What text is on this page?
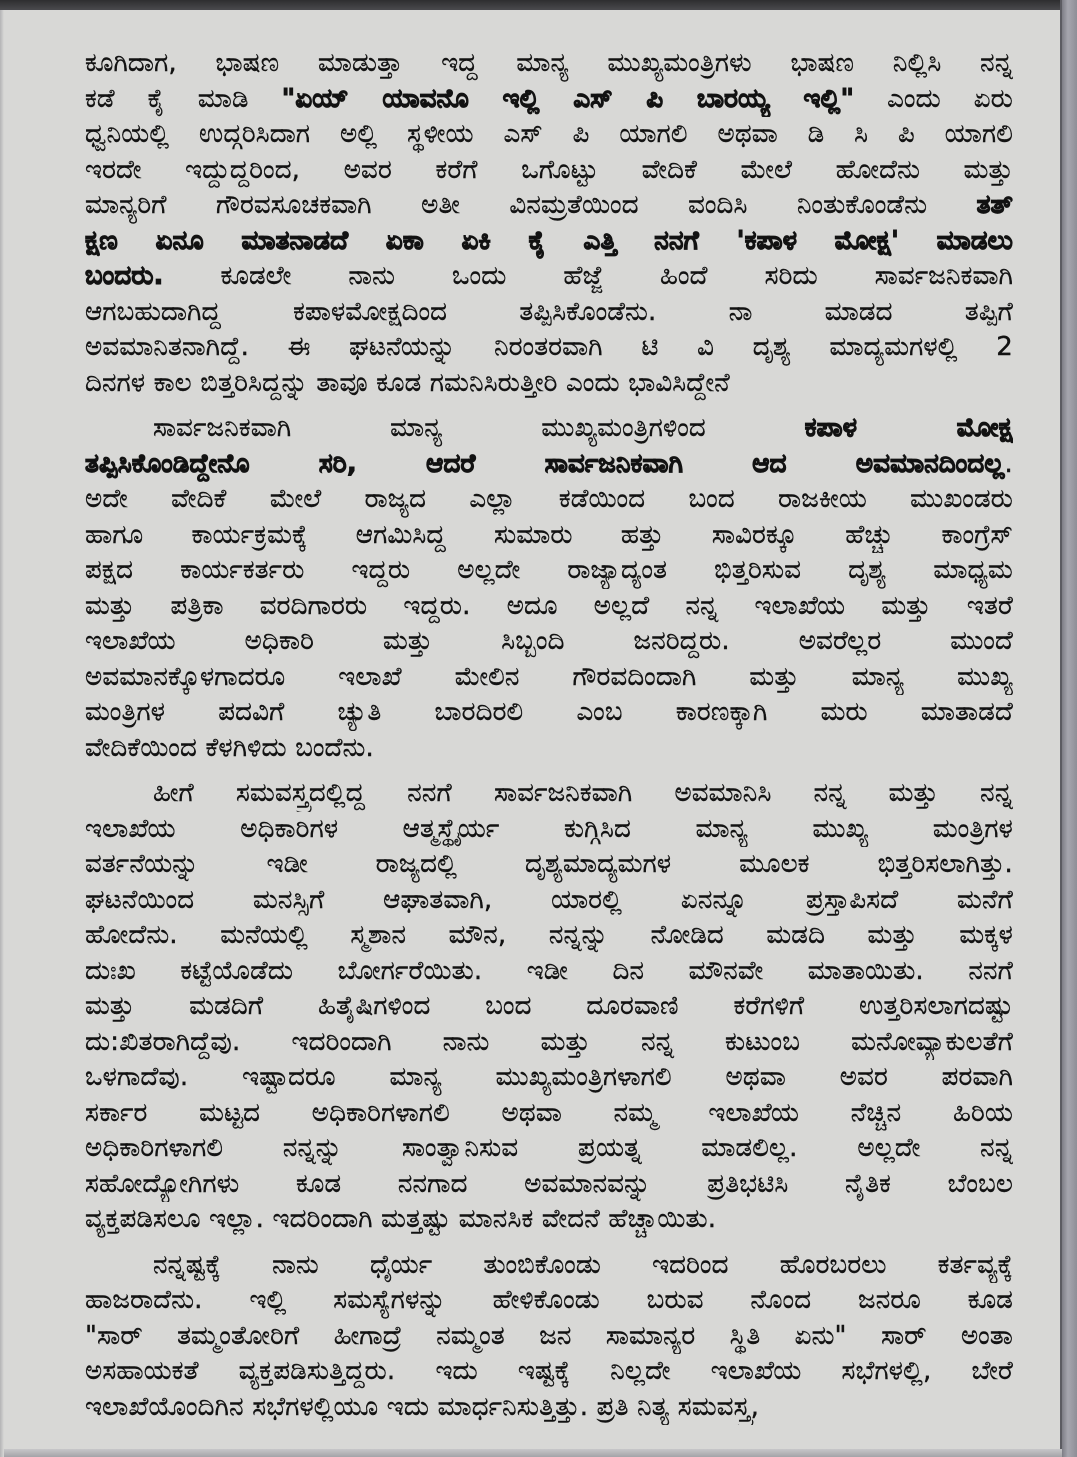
ಕೂಗಿದಾಗ, ಭಾಷಣ ಮಾಡುತ್ತಾ ಇದ್ದ ಮಾನ್ಯ ಮುಖ್ಯಮಂತ್ರಿಗಳು ಭಾಷಣ ನಿಲ್ಲಿಸಿ ನನ್ನ
ಕಡೆ ಕೈ ಮಾಡಿ "ಏಯ್ ಯಾವನೊ ಇಲ್ಲಿ ಎಸ್ ಪಿ ಬಾರಯ್ಯ ಇಲ್ಲಿ" ಎಂದು ಏರು
ಧ್ವನಿಯಲ್ಲಿ ಉದ್ಗರಿಸಿದಾಗ ಅಲ್ಲಿ ಸ್ಥಳೀಯ ಎಸ್ ಪಿ ಯಾಗಲಿ ಅಥವಾ ಡಿ ಸಿ ಪಿ ಯಾಗಲಿ
ಇರದೇ ಇದ್ದುದ್ದರಿಂದ, ಅವರ ಕರೆಗೆ ಒಗೊಟ್ಟು ವೇದಿಕೆ ಮೇಲೆ ಹೋದೆನು ಮತ್ತು
ಮಾನ್ಯರಿಗೆ ಗೌರವಸೂಚಕವಾಗಿ ಅತೀ ವಿನಮ್ರತೆಯಿಂದ ವಂದಿಸಿ ನಿಂತುಕೊಂಡೆನು ತತ್
ಕ್ಷಣ ಏನೂ ಮಾತನಾಡದೆ ಏಕಾ ಏಕಿ ಕೈ ಎತ್ತಿ ನನಗೆ 'ಕಪಾಳ ಮೋಕ್ಷ' ಮಾಡಲು
ಬಂದರು. ಕೂಡಲೇ ನಾನು ಒಂದು ಹೆಜ್ಜೆ ಹಿಂದೆ ಸರಿದು ಸಾರ್ವಜನಿಕವಾಗಿ
ಆಗಬಹುದಾಗಿದ್ದ ಕಪಾಳಮೋಕ್ಷದಿಂದ ತಪ್ಪಿಸಿಕೊಂಡೆನು. ನಾ ಮಾಡದ ತಪ್ಪಿಗೆ
ಅವಮಾನಿತನಾಗಿದ್ದೆ. ಈ ಘಟನೆಯನ್ನು ನಿರಂತರವಾಗಿ ಟಿ ವಿ ದೃಶ್ಯ ಮಾದ್ಯಮಗಳಲ್ಲಿ 2
ದಿನಗಳ ಕಾಲ ಬಿತ್ತರಿಸಿದ್ದನ್ನು ತಾವೂ ಕೂಡ ಗಮನಿಸಿರುತ್ತೀರಿ ಎಂದು ಭಾವಿಸಿದ್ದೇನೆ
ಸಾರ್ವಜನಿಕವಾಗಿ ಮಾನ್ಯ ಮುಖ್ಯಮಂತ್ರಿಗಳಿಂದ ಕಪಾಳ ಮೋಕ್ಷ
ತಪ್ಪಿಸಿಕೊಂಡಿದ್ದೇನೊ ಸರಿ, ಆದರೆ ಸಾರ್ವಜನಿಕವಾಗಿ ಆದ ಅವಮಾನದಿಂದಲ್ಲ.
ಅದೇ ವೇದಿಕೆ ಮೇಲೆ ರಾಜ್ಯದ ಎಲ್ಲಾ ಕಡೆಯಿಂದ ಬಂದ ರಾಜಕೀಯ ಮುಖಂಡರು
ಹಾಗೂ ಕಾರ್ಯಕ್ರಮಕ್ಕೆ ಆಗಮಿಸಿದ್ದ ಸುಮಾರು ಹತ್ತು ಸಾವಿರಕ್ಕೂ ಹೆಚ್ಚು ಕಾಂಗ್ರೆಸ್
ಪಕ್ಷದ ಕಾರ್ಯಕರ್ತರು ಇದ್ದರು ಅಲ್ಲದೇ ರಾಜ್ಯಾದ್ಯಂತ ಭಿತ್ತರಿಸುವ ದೃಶ್ಯ ಮಾಧ್ಯಮ
ಮತ್ತು ಪತ್ರಿಕಾ ವರದಿಗಾರರು ಇದ್ದರು. ಅದೂ ಅಲ್ಲದೆ ನನ್ನ ಇಲಾಖೆಯ ಮತ್ತು ಇತರೆ
ಇಲಾಖೆಯ ಅಧಿಕಾರಿ ಮತ್ತು ಸಿಬ್ಬಂದಿ ಜನರಿದ್ದರು. ಅವರೆಲ್ಲರ ಮುಂದೆ
ಅವಮಾನಕ್ಕೊಳಗಾದರೂ ಇಲಾಖೆ ಮೇಲಿನ ಗೌರವದಿಂದಾಗಿ ಮತ್ತು ಮಾನ್ಯ ಮುಖ್ಯ
ಮಂತ್ರಿಗಳ ಪದವಿಗೆ ಚ್ಯುತಿ ಬಾರದಿರಲಿ ಎಂಬ ಕಾರಣಕ್ಕಾಗಿ ಮರು ಮಾತಾಡದೆ
ವೇದಿಕೆಯಿಂದ ಕೆಳಗಿಳಿದು ಬಂದೆನು.
ಹೀಗೆ ಸಮವಸ್ತ್ರದಲ್ಲಿದ್ದ ನನಗೆ ಸಾರ್ವಜನಿಕವಾಗಿ ಅವಮಾನಿಸಿ ನನ್ನ ಮತ್ತು ನನ್ನ
ಇಲಾಖೆಯ ಅಧಿಕಾರಿಗಳ ಆತ್ಮಸ್ಥೈರ್ಯ ಕುಗ್ಗಿಸಿದ ಮಾನ್ಯ ಮುಖ್ಯ ಮಂತ್ರಿಗಳ
ವರ್ತನೆಯನ್ನು ಇಡೀ ರಾಜ್ಯದಲ್ಲಿ ದೃಶ್ಯಮಾದ್ಯಮಗಳ ಮೂಲಕ ಭಿತ್ತರಿಸಲಾಗಿತ್ತು.
ಘಟನೆಯಿಂದ ಮನಸ್ಸಿಗೆ ಆಘಾತವಾಗಿ, ಯಾರಲ್ಲಿ ಏನನ್ನೂ ಪ್ರಸ್ತಾಪಿಸದೆ ಮನೆಗೆ
ಹೋದೆನು. ಮನೆಯಲ್ಲಿ ಸ್ಮಶಾನ ಮೌನ, ನನ್ನನ್ನು ನೋಡಿದ ಮಡದಿ ಮತ್ತು ಮಕ್ಕಳ
ದುಃಖ ಕಟ್ಟೆಯೊಡೆದು ಬೋರ್ಗರೆಯಿತು. ಇಡೀ ದಿನ ಮೌನವೇ ಮಾತಾಯಿತು. ನನಗೆ
ಮತ್ತು ಮಡದಿಗೆ ಹಿತೈಷಿಗಳಿಂದ ಬಂದ ದೂರವಾಣಿ ಕರೆಗಳಿಗೆ ಉತ್ತರಿಸಲಾಗದಷ್ಟು
ದು:ಖಿತರಾಗಿದ್ದೆವು. ಇದರಿಂದಾಗಿ ನಾನು ಮತ್ತು ನನ್ನ ಕುಟುಂಬ ಮನೋವ್ಯಾಕುಲತೆಗೆ
ಒಳಗಾದೆವು. ಇಷ್ಟಾದರೂ ಮಾನ್ಯ ಮುಖ್ಯಮಂತ್ರಿಗಳಾಗಲಿ ಅಥವಾ ಅವರ ಪರವಾಗಿ
ಸರ್ಕಾರ ಮಟ್ಟದ ಅಧಿಕಾರಿಗಳಾಗಲಿ ಅಥವಾ ನಮ್ಮ ಇಲಾಖೆಯ ನೆಚ್ಚಿನ ಹಿರಿಯ
ಅಧಿಕಾರಿಗಳಾಗಲಿ ನನ್ನನ್ನು ಸಾಂತ್ವಾನಿಸುವ ಪ್ರಯತ್ನ ಮಾಡಲಿಲ್ಲ. ಅಲ್ಲದೇ ನನ್ನ
ಸಹೋದ್ಯೋಗಿಗಳು ಕೂಡ ನನಗಾದ ಅವಮಾನವನ್ನು ಪ್ರತಿಭಟಿಸಿ ನೈತಿಕ ಬೆಂಬಲ
ವ್ಯಕ್ತಪಡಿಸಲೂ ಇಲ್ಲಾ. ಇದರಿಂದಾಗಿ ಮತ್ತಷ್ಟು ಮಾನಸಿಕ ವೇದನೆ ಹೆಚ್ಚಾಯಿತು.
ನನ್ನಷ್ಟಕ್ಕೆ ನಾನು ಧೈರ್ಯ ತುಂಬಿಕೊಂಡು ಇದರಿಂದ ಹೊರಬರಲು ಕರ್ತವ್ಯಕ್ಕೆ
ಹಾಜರಾದೆನು. ಇಲ್ಲಿ ಸಮಸ್ಯೆಗಳನ್ನು ಹೇಳಿಕೊಂಡು ಬರುವ ನೊಂದ ಜನರೂ ಕೂಡ
"ಸಾರ್ ತಮ್ಮಂತೋರಿಗೆ ಹೀಗಾದ್ರೆ ನಮ್ಮಂತ ಜನ ಸಾಮಾನ್ಯರ ಸ್ಥಿತಿ ಏನು" ಸಾರ್ ಅಂತಾ
ಅಸಹಾಯಕತೆ ವ್ಯಕ್ತಪಡಿಸುತ್ತಿದ್ದರು. ಇದು ಇಷ್ಟಕ್ಕೆ ನಿಲ್ಲದೇ ಇಲಾಖೆಯ ಸಭೆಗಳಲ್ಲಿ, ಬೇರೆ
ಇಲಾಖೆಯೊಂದಿಗಿನ ಸಭೆಗಳಲ್ಲಿಯೂ ಇದು ಮಾರ್ಧನಿಸುತ್ತಿತ್ತು. ಪ್ರತಿ ನಿತ್ಯ ಸಮವಸ್ತ್ರ,
